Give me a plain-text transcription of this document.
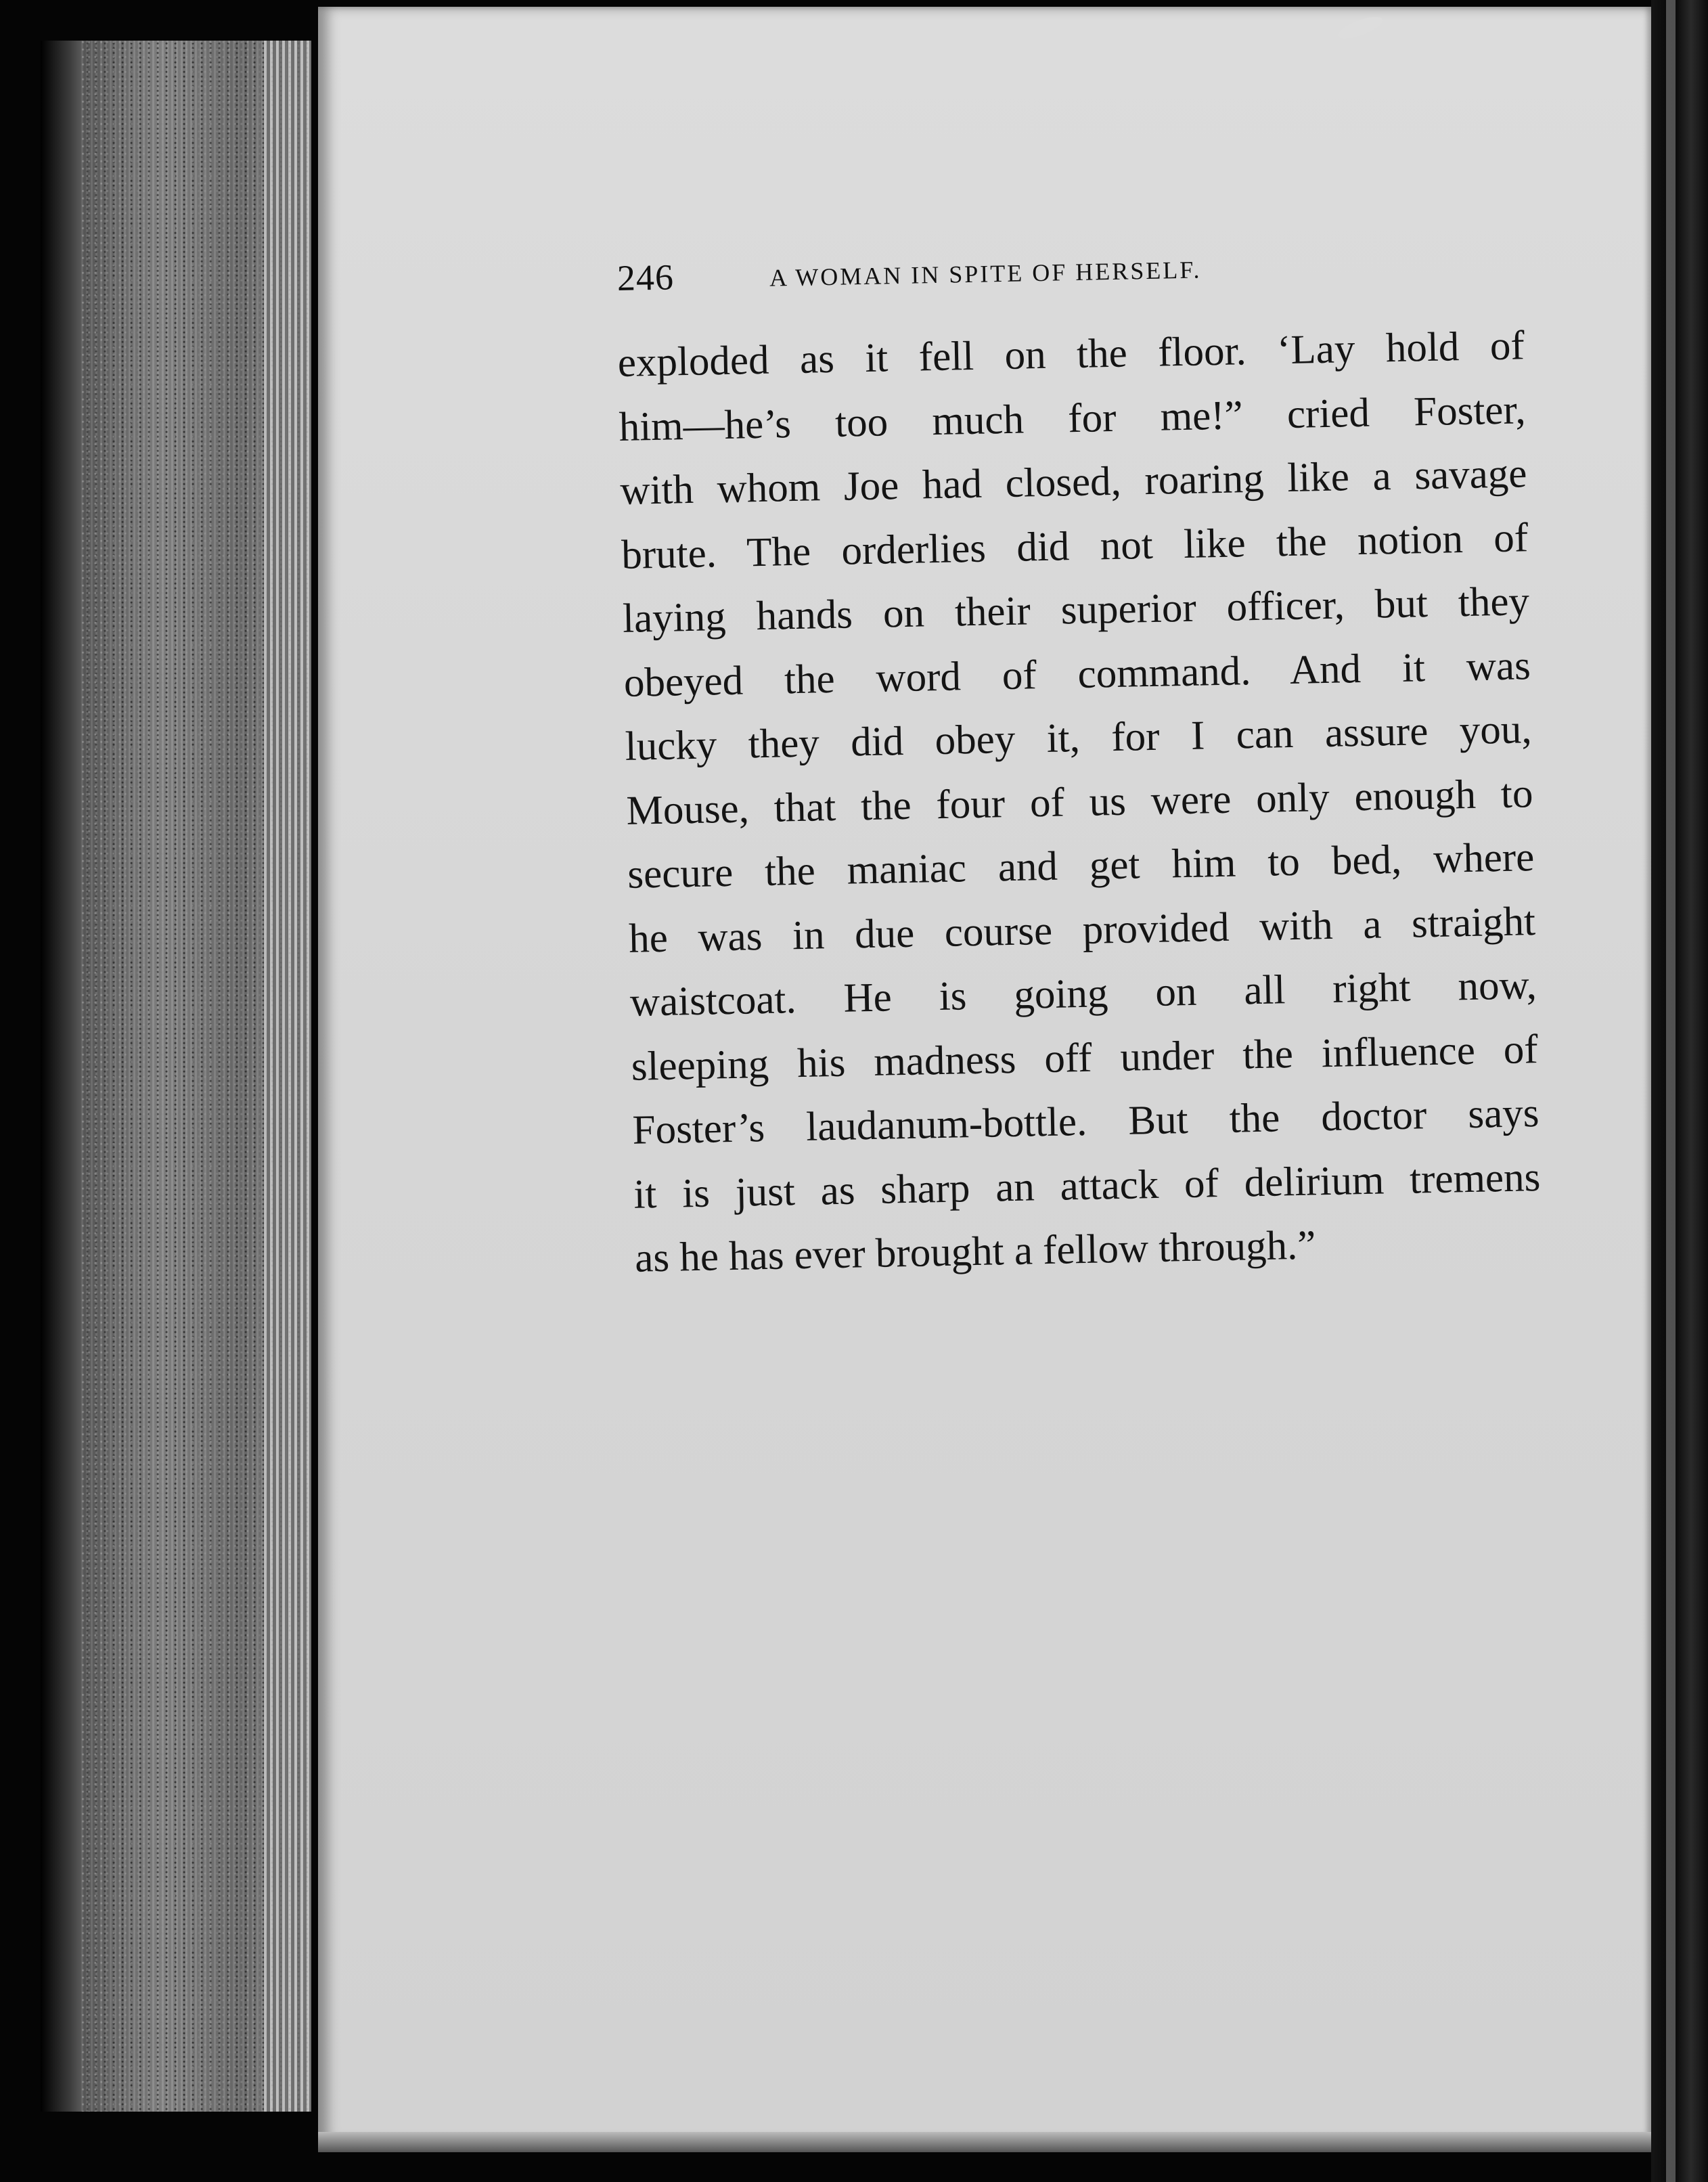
246	A WOMAN IN SPITE OF HERSELF.
exploded as it fell on the floor. ‘Lay hold of
him—he’s too much for me!” cried Foster,
with whom Joe had closed, roaring like a savage
brute. The orderlies did not like the notion of
laying hands on their superior officer, but they
obeyed the word of command. And it was
lucky they did obey it, for I can assure you,
Mouse, that the four of us were only enough to
secure the maniac and get him to bed, where
he was in due course provided with a straight
waistcoat. He is going on all right now,
sleeping his madness off under the influence of
Foster’s laudanum-bottle. But the doctor says
it is just as sharp an attack of delirium tremens
as he has ever brought a fellow through.”
